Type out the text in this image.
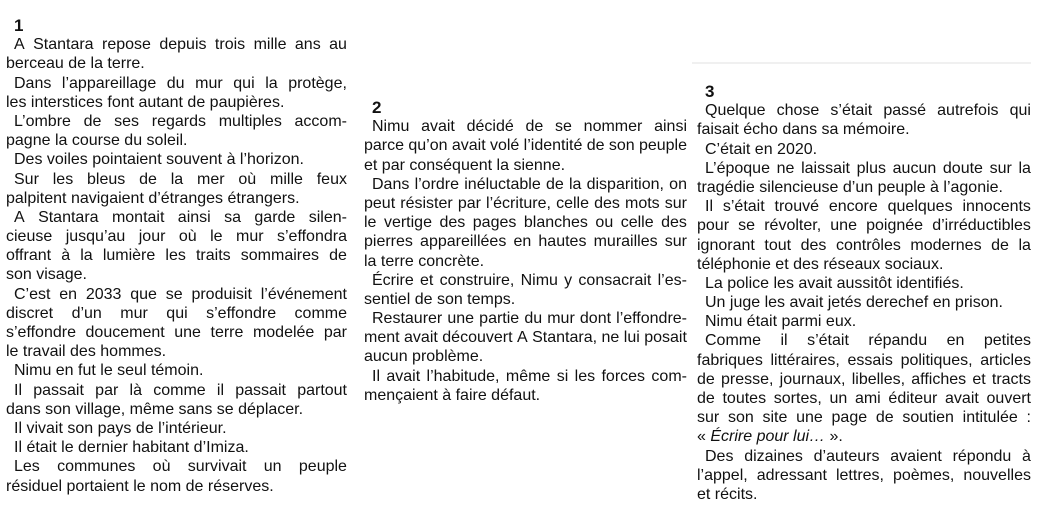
1
A Stantara repose depuis trois mille ans au
berceau de la terre.
Dans l’appareillage du mur qui la protège,
les interstices font autant de paupières.
L’ombre de ses regards multiples accom-
pagne la course du soleil.
Des voiles pointaient souvent à l’horizon.
Sur les bleus de la mer où mille feux
palpitent navigaient d’étranges étrangers.
A Stantara montait ainsi sa garde silen-
cieuse jusqu’au jour où le mur s’effondra
offrant à la lumière les traits sommaires de
son visage.
C’est en 2033 que se produisit l’événement
discret d’un mur qui s’effondre comme
s’effondre doucement une terre modelée par
le travail des hommes.
Nimu en fut le seul témoin.
Il passait par là comme il passait partout
dans son village, même sans se déplacer.
Il vivait son pays de l’intérieur.
Il était le dernier habitant d’Imiza.
Les communes où survivait un peuple
résiduel portaient le nom de réserves.
2
Nimu avait décidé de se nommer ainsi
parce qu’on avait volé l’identité de son peuple
et par conséquent la sienne.
Dans l’ordre inéluctable de la disparition, on
peut résister par l’écriture, celle des mots sur
le vertige des pages blanches ou celle des
pierres appareillées en hautes murailles sur
la terre concrète.
Écrire et construire, Nimu y consacrait l’es-
sentiel de son temps.
Restaurer une partie du mur dont l’effondre-
ment avait découvert A Stantara, ne lui posait
aucun problème.
Il avait l’habitude, même si les forces com-
mençaient à faire défaut.
3
Quelque chose s’était passé autrefois qui
faisait écho dans sa mémoire.
C’était en 2020.
L’époque ne laissait plus aucun doute sur la
tragédie silencieuse d’un peuple à l’agonie.
Il s’était trouvé encore quelques innocents
pour se révolter, une poignée d’irréductibles
ignorant tout des contrôles modernes de la
téléphonie et des réseaux sociaux.
La police les avait aussitôt identifiés.
Un juge les avait jetés derechef en prison.
Nimu était parmi eux.
Comme il s’était répandu en petites
fabriques littéraires, essais politiques, articles
de presse, journaux, libelles, affiches et tracts
de toutes sortes, un ami éditeur avait ouvert
sur son site une page de soutien intitulée :
« Écrire pour lui… ».
Des dizaines d’auteurs avaient répondu à
l’appel, adressant lettres, poèmes, nouvelles
et récits.
